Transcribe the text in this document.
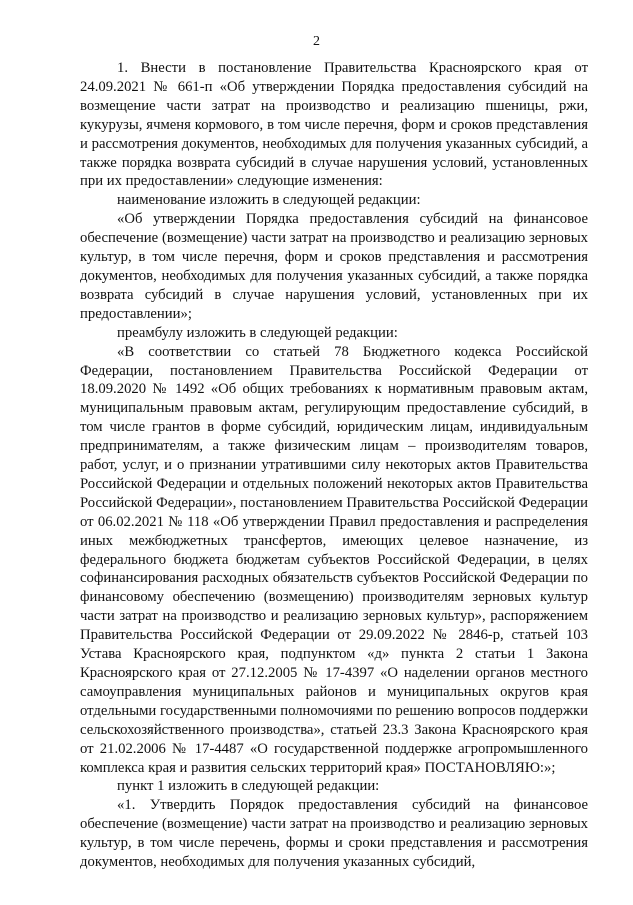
2

1. Внести в постановление Правительства Красноярского края от 24.09.2021 № 661-п «Об утверждении Порядка предоставления субсидий на возмещение части затрат на производство и реализацию пшеницы, ржи, кукурузы, ячменя кормового, в том числе перечня, форм и сроков представления и рассмотрения документов, необходимых для получения указанных субсидий, а также порядка возврата субсидий в случае нарушения условий, установленных при их предоставлении» следующие изменения:

наименование изложить в следующей редакции:

«Об утверждении Порядка предоставления субсидий на финансовое обеспечение (возмещение) части затрат на производство и реализацию зерновых культур, в том числе перечня, форм и сроков представления и рассмотрения документов, необходимых для получения указанных субсидий, а также порядка возврата субсидий в случае нарушения условий, установленных при их предоставлении»;

преамбулу изложить в следующей редакции:

«В соответствии со статьей 78 Бюджетного кодекса Российской Федерации, постановлением Правительства Российской Федерации от 18.09.2020 № 1492 «Об общих требованиях к нормативным правовым актам, муниципальным правовым актам, регулирующим предоставление субсидий, в том числе грантов в форме субсидий, юридическим лицам, индивидуальным предпринимателям, а также физическим лицам – производителям товаров, работ, услуг, и о признании утратившими силу некоторых актов Правительства Российской Федерации и отдельных положений некоторых актов Правительства Российской Федерации», постановлением Правительства Российской Федерации от 06.02.2021 № 118 «Об утверждении Правил предоставления и распределения иных межбюджетных трансфертов, имеющих целевое назначение, из федерального бюджета бюджетам субъектов Российской Федерации, в целях софинансирования расходных обязательств субъектов Российской Федерации по финансовому обеспечению (возмещению) производителям зерновых культур части затрат на производство и реализацию зерновых культур», распоряжением Правительства Российской Федерации от 29.09.2022 № 2846-р, статьей 103 Устава Красноярского края, подпунктом «д» пункта 2 статьи 1 Закона Красноярского края от 27.12.2005 № 17-4397 «О наделении органов местного самоуправления муниципальных районов и муниципальных округов края отдельными государственными полномочиями по решению вопросов поддержки сельскохозяйственного производства», статьей 23.3 Закона Красноярского края от 21.02.2006 № 17-4487 «О государственной поддержке агропромышленного комплекса края и развития сельских территорий края» ПОСТАНОВЛЯЮ:»;

пункт 1 изложить в следующей редакции:

«1. Утвердить Порядок предоставления субсидий на финансовое обеспечение (возмещение) части затрат на производство и реализацию зерновых культур, в том числе перечень, формы и сроки представления и рассмотрения документов, необходимых для получения указанных субсидий,
